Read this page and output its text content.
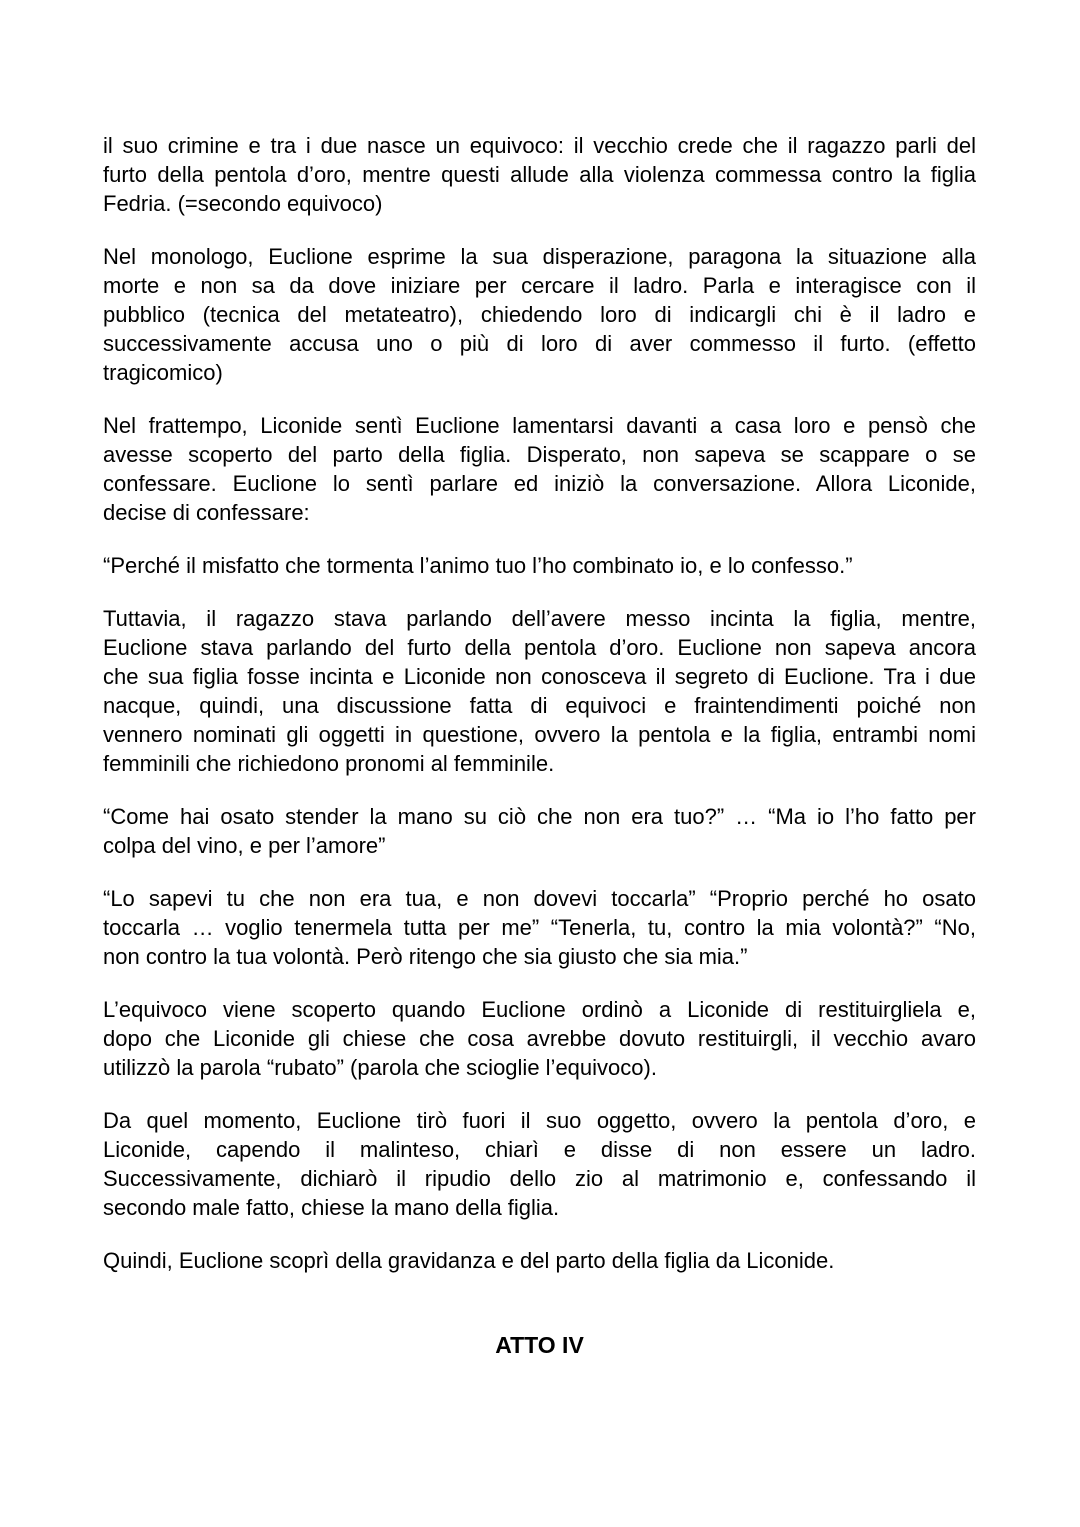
il suo crimine e tra i due nasce un equivoco: il vecchio crede che il ragazzo parli del
furto della pentola d’oro, mentre questi allude alla violenza commessa contro la figlia
Fedria. (=secondo equivoco)
Nel monologo, Euclione esprime la sua disperazione, paragona la situazione alla
morte e non sa da dove iniziare per cercare il ladro. Parla e interagisce con il
pubblico (tecnica del metateatro), chiedendo loro di indicargli chi è il ladro e
successivamente accusa uno o più di loro di aver commesso il furto. (effetto
tragicomico)
Nel frattempo, Liconide sentì Euclione lamentarsi davanti a casa loro e pensò che
avesse scoperto del parto della figlia. Disperato, non sapeva se scappare o se
confessare. Euclione lo sentì parlare ed iniziò la conversazione. Allora Liconide,
decise di confessare:
“Perché il misfatto che tormenta l’animo tuo l’ho combinato io, e lo confesso.”
Tuttavia, il ragazzo stava parlando dell’avere messo incinta la figlia, mentre,
Euclione stava parlando del furto della pentola d’oro. Euclione non sapeva ancora
che sua figlia fosse incinta e Liconide non conosceva il segreto di Euclione. Tra i due
nacque, quindi, una discussione fatta di equivoci e fraintendimenti poiché non
vennero nominati gli oggetti in questione, ovvero la pentola e la figlia, entrambi nomi
femminili che richiedono pronomi al femminile.
“Come hai osato stender la mano su ciò che non era tuo?” … “Ma io l’ho fatto per
colpa del vino, e per l’amore”
“Lo sapevi tu che non era tua, e non dovevi toccarla” “Proprio perché ho osato
toccarla … voglio tenermela tutta per me” “Tenerla, tu, contro la mia volontà?” “No,
non contro la tua volontà. Però ritengo che sia giusto che sia mia.”
L’equivoco viene scoperto quando Euclione ordinò a Liconide di restituirgliela e,
dopo che Liconide gli chiese che cosa avrebbe dovuto restituirgli, il vecchio avaro
utilizzò la parola “rubato” (parola che scioglie l’equivoco).
Da quel momento, Euclione tirò fuori il suo oggetto, ovvero la pentola d’oro, e
Liconide, capendo il malinteso, chiarì e disse di non essere un ladro.
Successivamente, dichiarò il ripudio dello zio al matrimonio e, confessando il
secondo male fatto, chiese la mano della figlia.
Quindi, Euclione scoprì della gravidanza e del parto della figlia da Liconide.
ATTO IV
